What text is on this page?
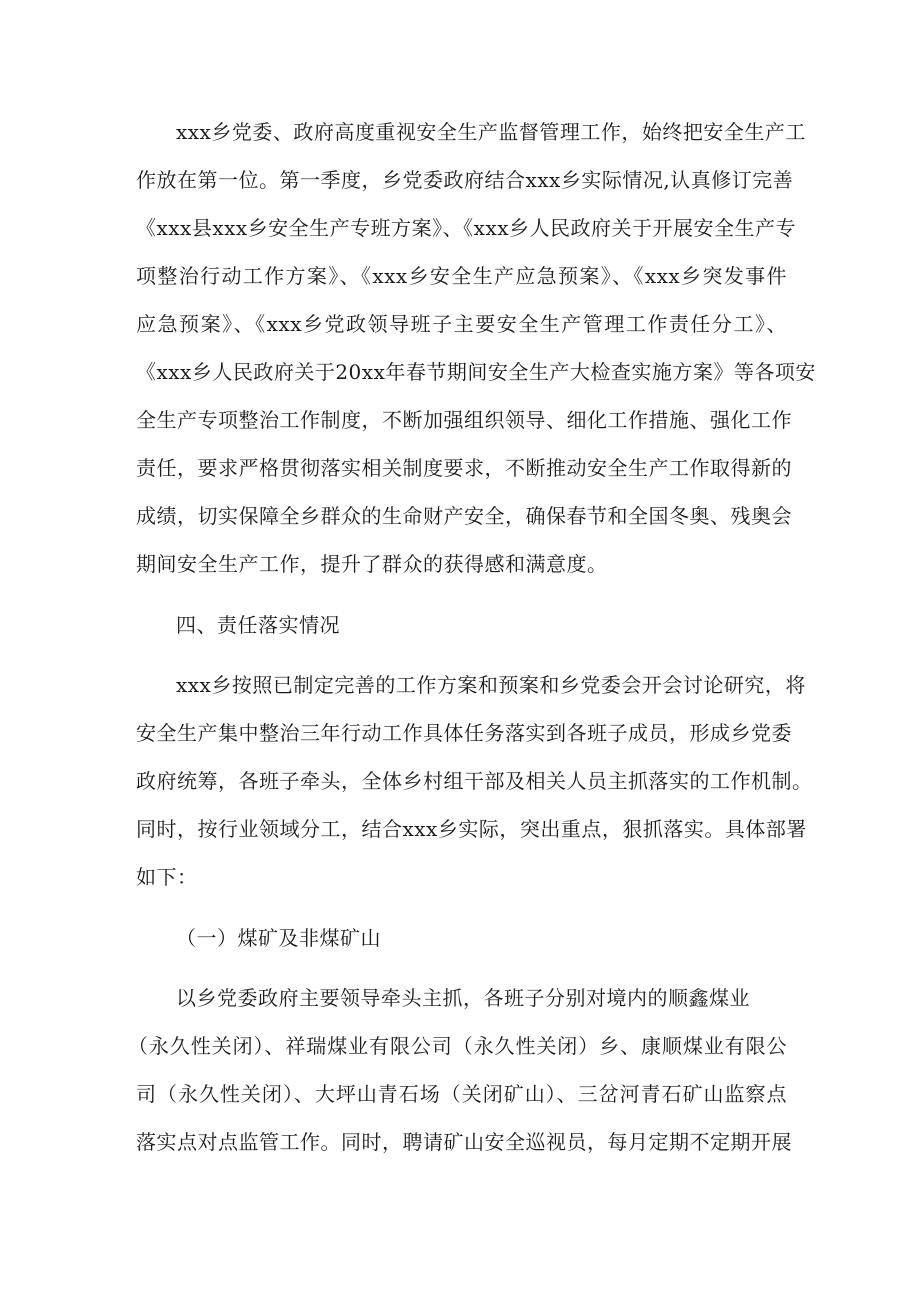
xxx乡党委、政府高度重视安全生产监督管理工作，始终把安全生产工
作放在第一位。第一季度，乡党委政府结合xxx乡实际情况,认真修订完善
《xxx县xxx乡安全生产专班方案》、《xxx乡人民政府关于开展安全生产专
项整治行动工作方案》、《xxx乡安全生产应急预案》、《xxx乡突发事件
应急预案》、《xxx乡党政领导班子主要安全生产管理工作责任分工》、
《xxx乡人民政府关于20xx年春节期间安全生产大检查实施方案》等各项安
全生产专项整治工作制度，不断加强组织领导、细化工作措施、强化工作
责任，要求严格贯彻落实相关制度要求，不断推动安全生产工作取得新的
成绩，切实保障全乡群众的生命财产安全，确保春节和全国冬奥、残奥会
期间安全生产工作，提升了群众的获得感和满意度。
四、责任落实情况
xxx乡按照已制定完善的工作方案和预案和乡党委会开会讨论研究，将
安全生产集中整治三年行动工作具体任务落实到各班子成员，形成乡党委
政府统筹，各班子牵头，全体乡村组干部及相关人员主抓落实的工作机制。
同时，按行业领域分工，结合xxx乡实际，突出重点，狠抓落实。具体部署
如下：
（一）煤矿及非煤矿山
以乡党委政府主要领导牵头主抓，各班子分别对境内的顺鑫煤业
（永久性关闭）、祥瑞煤业有限公司（永久性关闭）乡、康顺煤业有限公
司（永久性关闭）、大坪山青石场（关闭矿山）、三岔河青石矿山监察点
落实点对点监管工作。同时，聘请矿山安全巡视员，每月定期不定期开展
